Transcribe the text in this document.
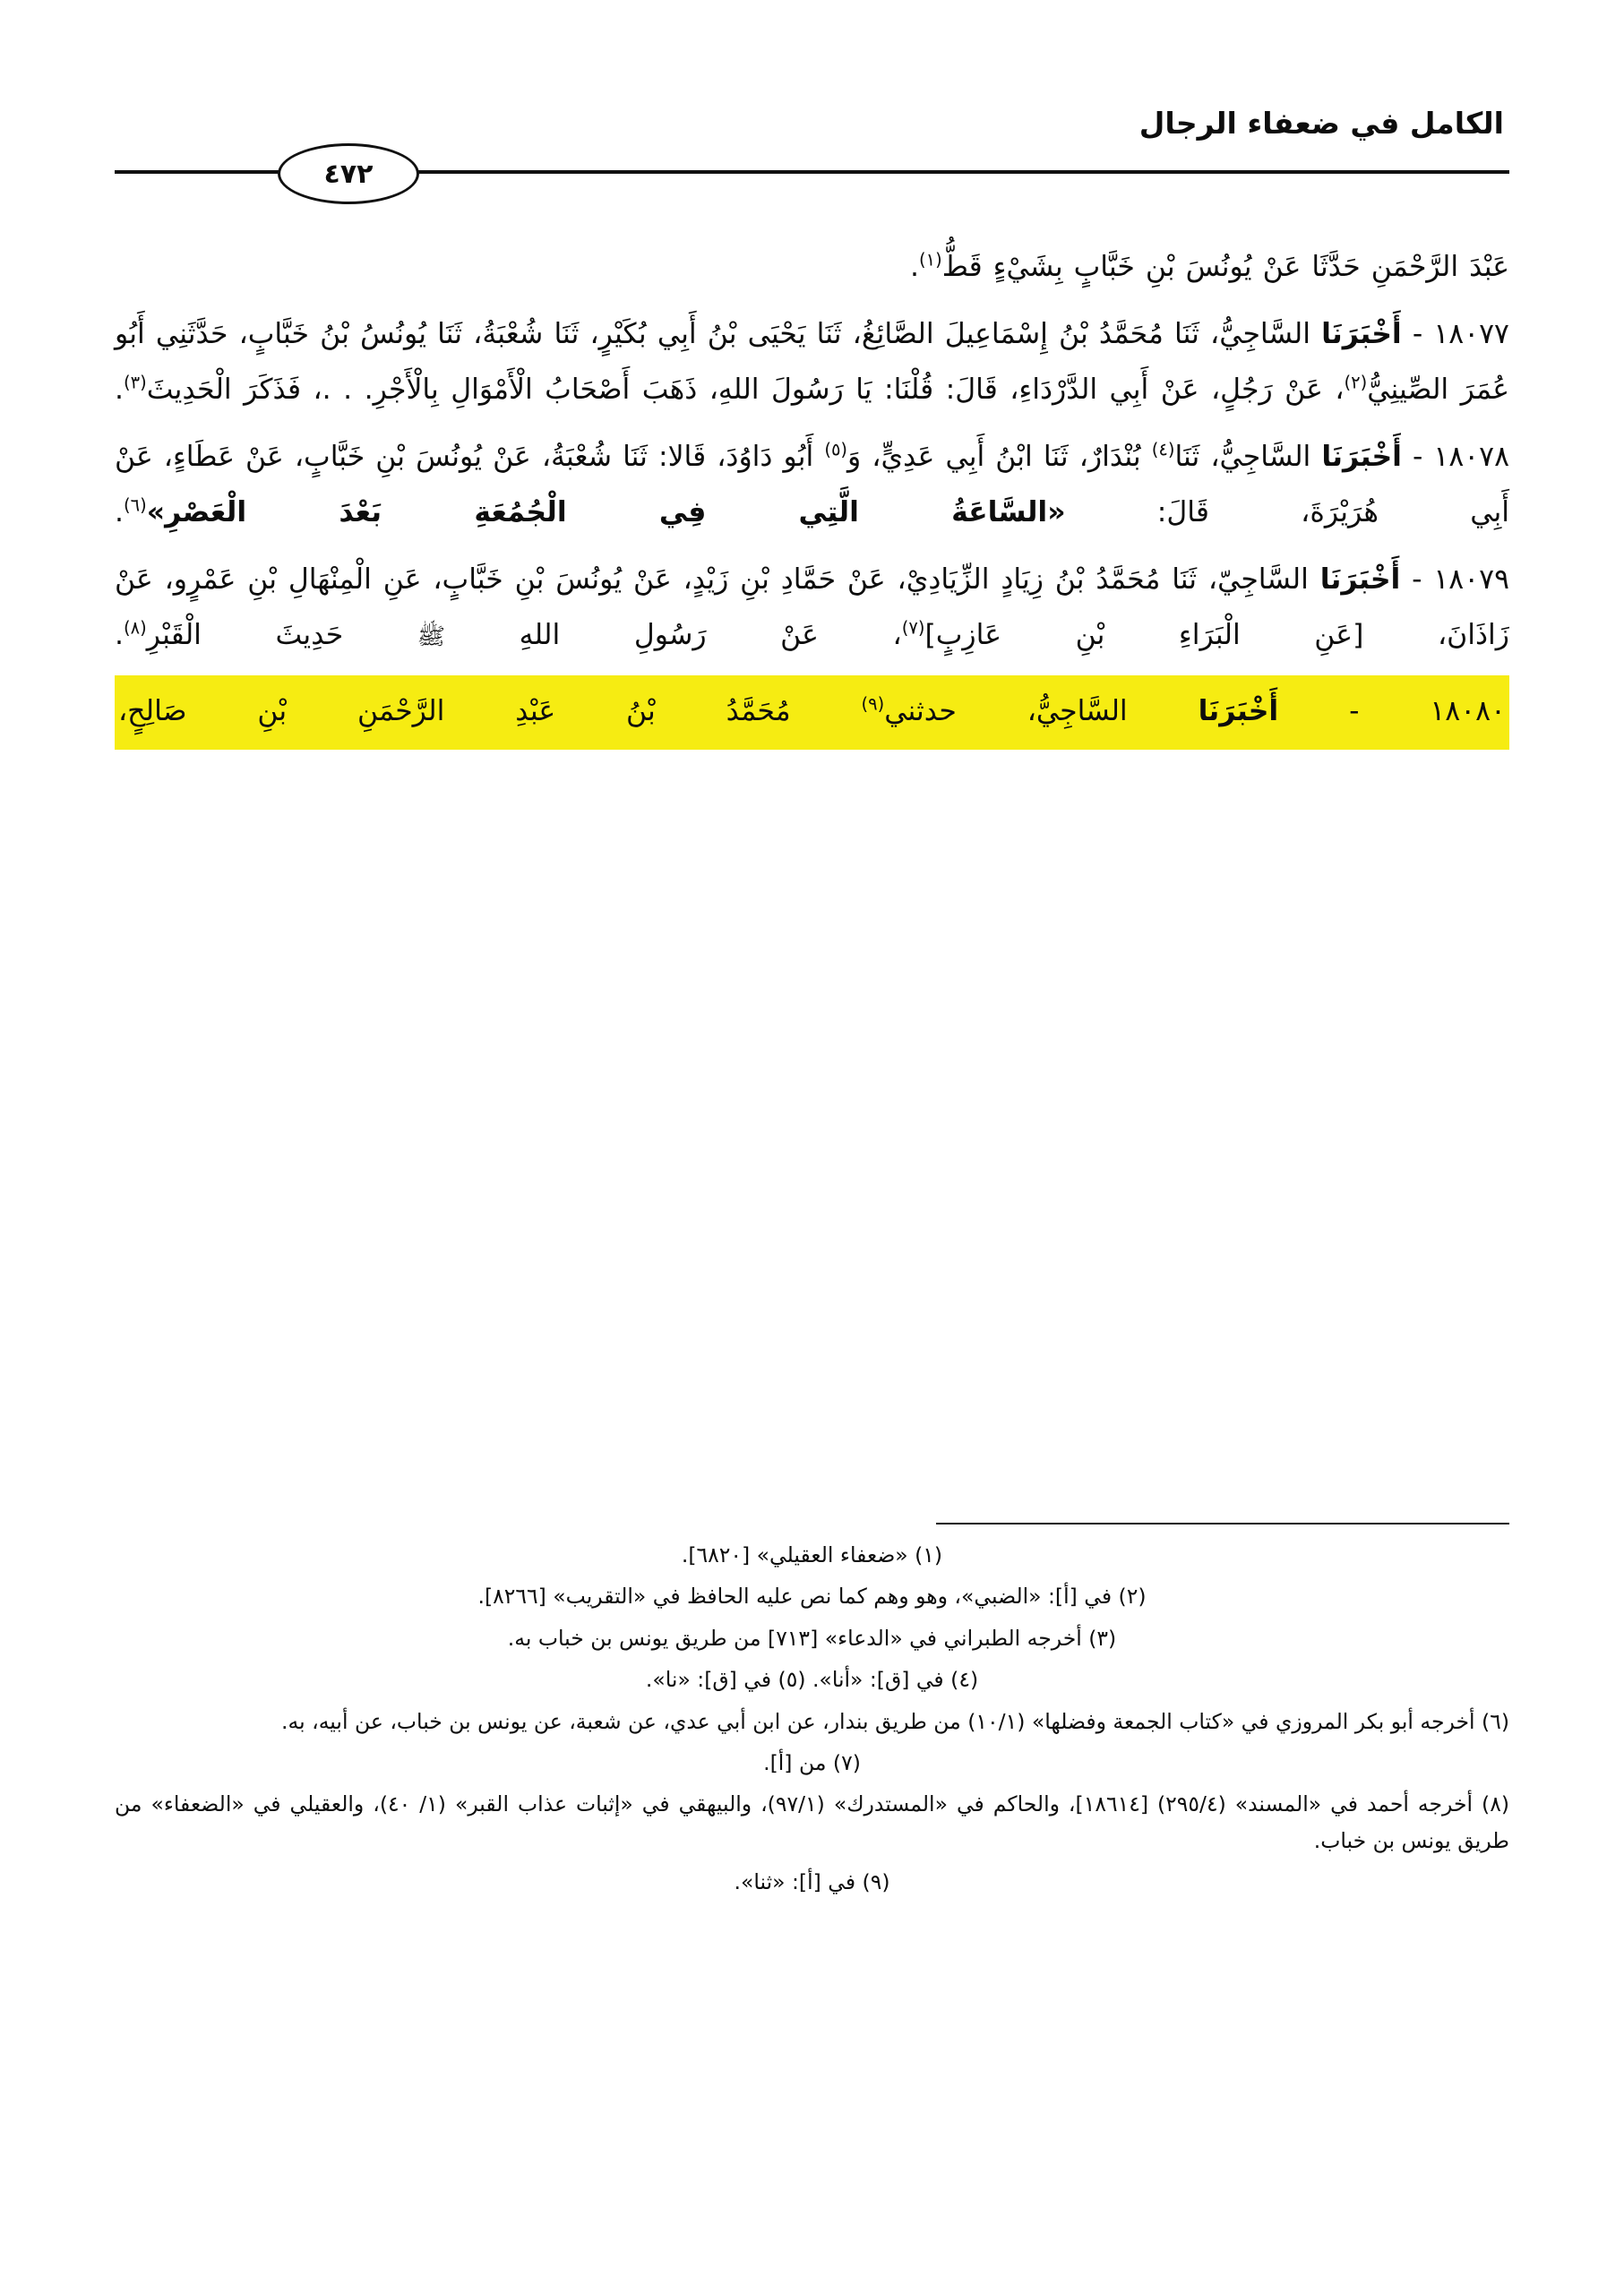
الكامل في ضعفاء الرجال
٤٧٢

عَبْدَ الرَّحْمَنِ حَدَّثَا عَنْ يُونُسَ بْنِ خَبَّابٍ بِشَيْءٍ قَطُّ$^{(١)}$.

١٨٠٧٧ - أَخْبَرَنَا السَّاجِيُّ، ثَنَا مُحَمَّدُ بْنُ إِسْمَاعِيلَ الصَّائِغُ، ثَنَا يَحْيَى بْنُ أَبِي بُكَيْرٍ، ثَنَا شُعْبَةُ، ثَنَا يُونُسُ بْنُ خَبَّابٍ، حَدَّثَنِي أَبُو عُمَرَ الصِّينِيُّ$^{(٢)}$، عَنْ رَجُلٍ، عَنْ أَبِي الدَّرْدَاءِ، قَالَ: قُلْنَا: يَا رَسُولَ اللهِ، ذَهَبَ أَصْحَابُ الْأَمْوَالِ بِالْأَجْرِ. . .، فَذَكَرَ الْحَدِيثَ$^{(٣)}$.

١٨٠٧٨ - أَخْبَرَنَا السَّاجِيُّ، ثَنَا$^{(٤)}$ بُنْدَارٌ، ثَنَا ابْنُ أَبِي عَدِيٍّ، وَ$^{(٥)}$ أَبُو دَاوُدَ، قَالا: ثَنَا شُعْبَةُ، عَنْ يُونُسَ بْنِ خَبَّابٍ، عَنْ عَطَاءٍ، عَنْ أَبِي هُرَيْرَةَ، قَالَ: «السَّاعَةُ الَّتِي فِي الْجُمُعَةِ بَعْدَ الْعَصْرِ»$^{(٦)}$.

١٨٠٧٩ - أَخْبَرَنَا السَّاجِيّ، ثَنَا مُحَمَّدُ بْنُ زِيَادٍ الزِّيَادِيْ، عَنْ حَمَّادِ بْنِ زَيْدٍ، عَنْ يُونُسَ بْنِ خَبَّابٍ، عَنِ الْمِنْهَالِ بْنِ عَمْرٍو، عَنْ زَاذَانَ، [عَنِ الْبَرَاءِ بْنِ عَازِبٍ]$^{(٧)}$، عَنْ رَسُولِ اللهِ ﷺ حَدِيثَ الْقَبْرِ$^{(٨)}$.

١٨٠٨٠ - أَخْبَرَنَا السَّاجِيُّ، حدثني$^{(٩)}$ مُحَمَّدُ بْنُ عَبْدِ الرَّحْمَنِ بْنِ صَالِحٍ،

(١) «ضعفاء العقيلي» [٦٨٢٠].

(٢) في [أ]: «الضبي»، وهو وهم كما نص عليه الحافظ في «التقريب» [٨٢٦٦].

(٣) أخرجه الطبراني في «الدعاء» [٧١٣] من طريق يونس بن خباب به.

(٤) في [ق]: «أنا». (٥) في [ق]: «نا».

(٦) أخرجه أبو بكر المروزي في «كتاب الجمعة وفضلها» (١٠/١) من طريق بندار، عن ابن أبي عدي، عن شعبة، عن يونس بن خباب، عن أبيه، به.

(٧) من [أ].

(٨) أخرجه أحمد في «المسند» (٢٩٥/٤) [١٨٦١٤]، والحاكم في «المستدرك» (٩٧/١)، والبيهقي في «إثبات عذاب القبر» (١/ ٤٠)، والعقيلي في «الضعفاء» من طريق يونس بن خباب.

(٩) في [أ]: «ثنا».
